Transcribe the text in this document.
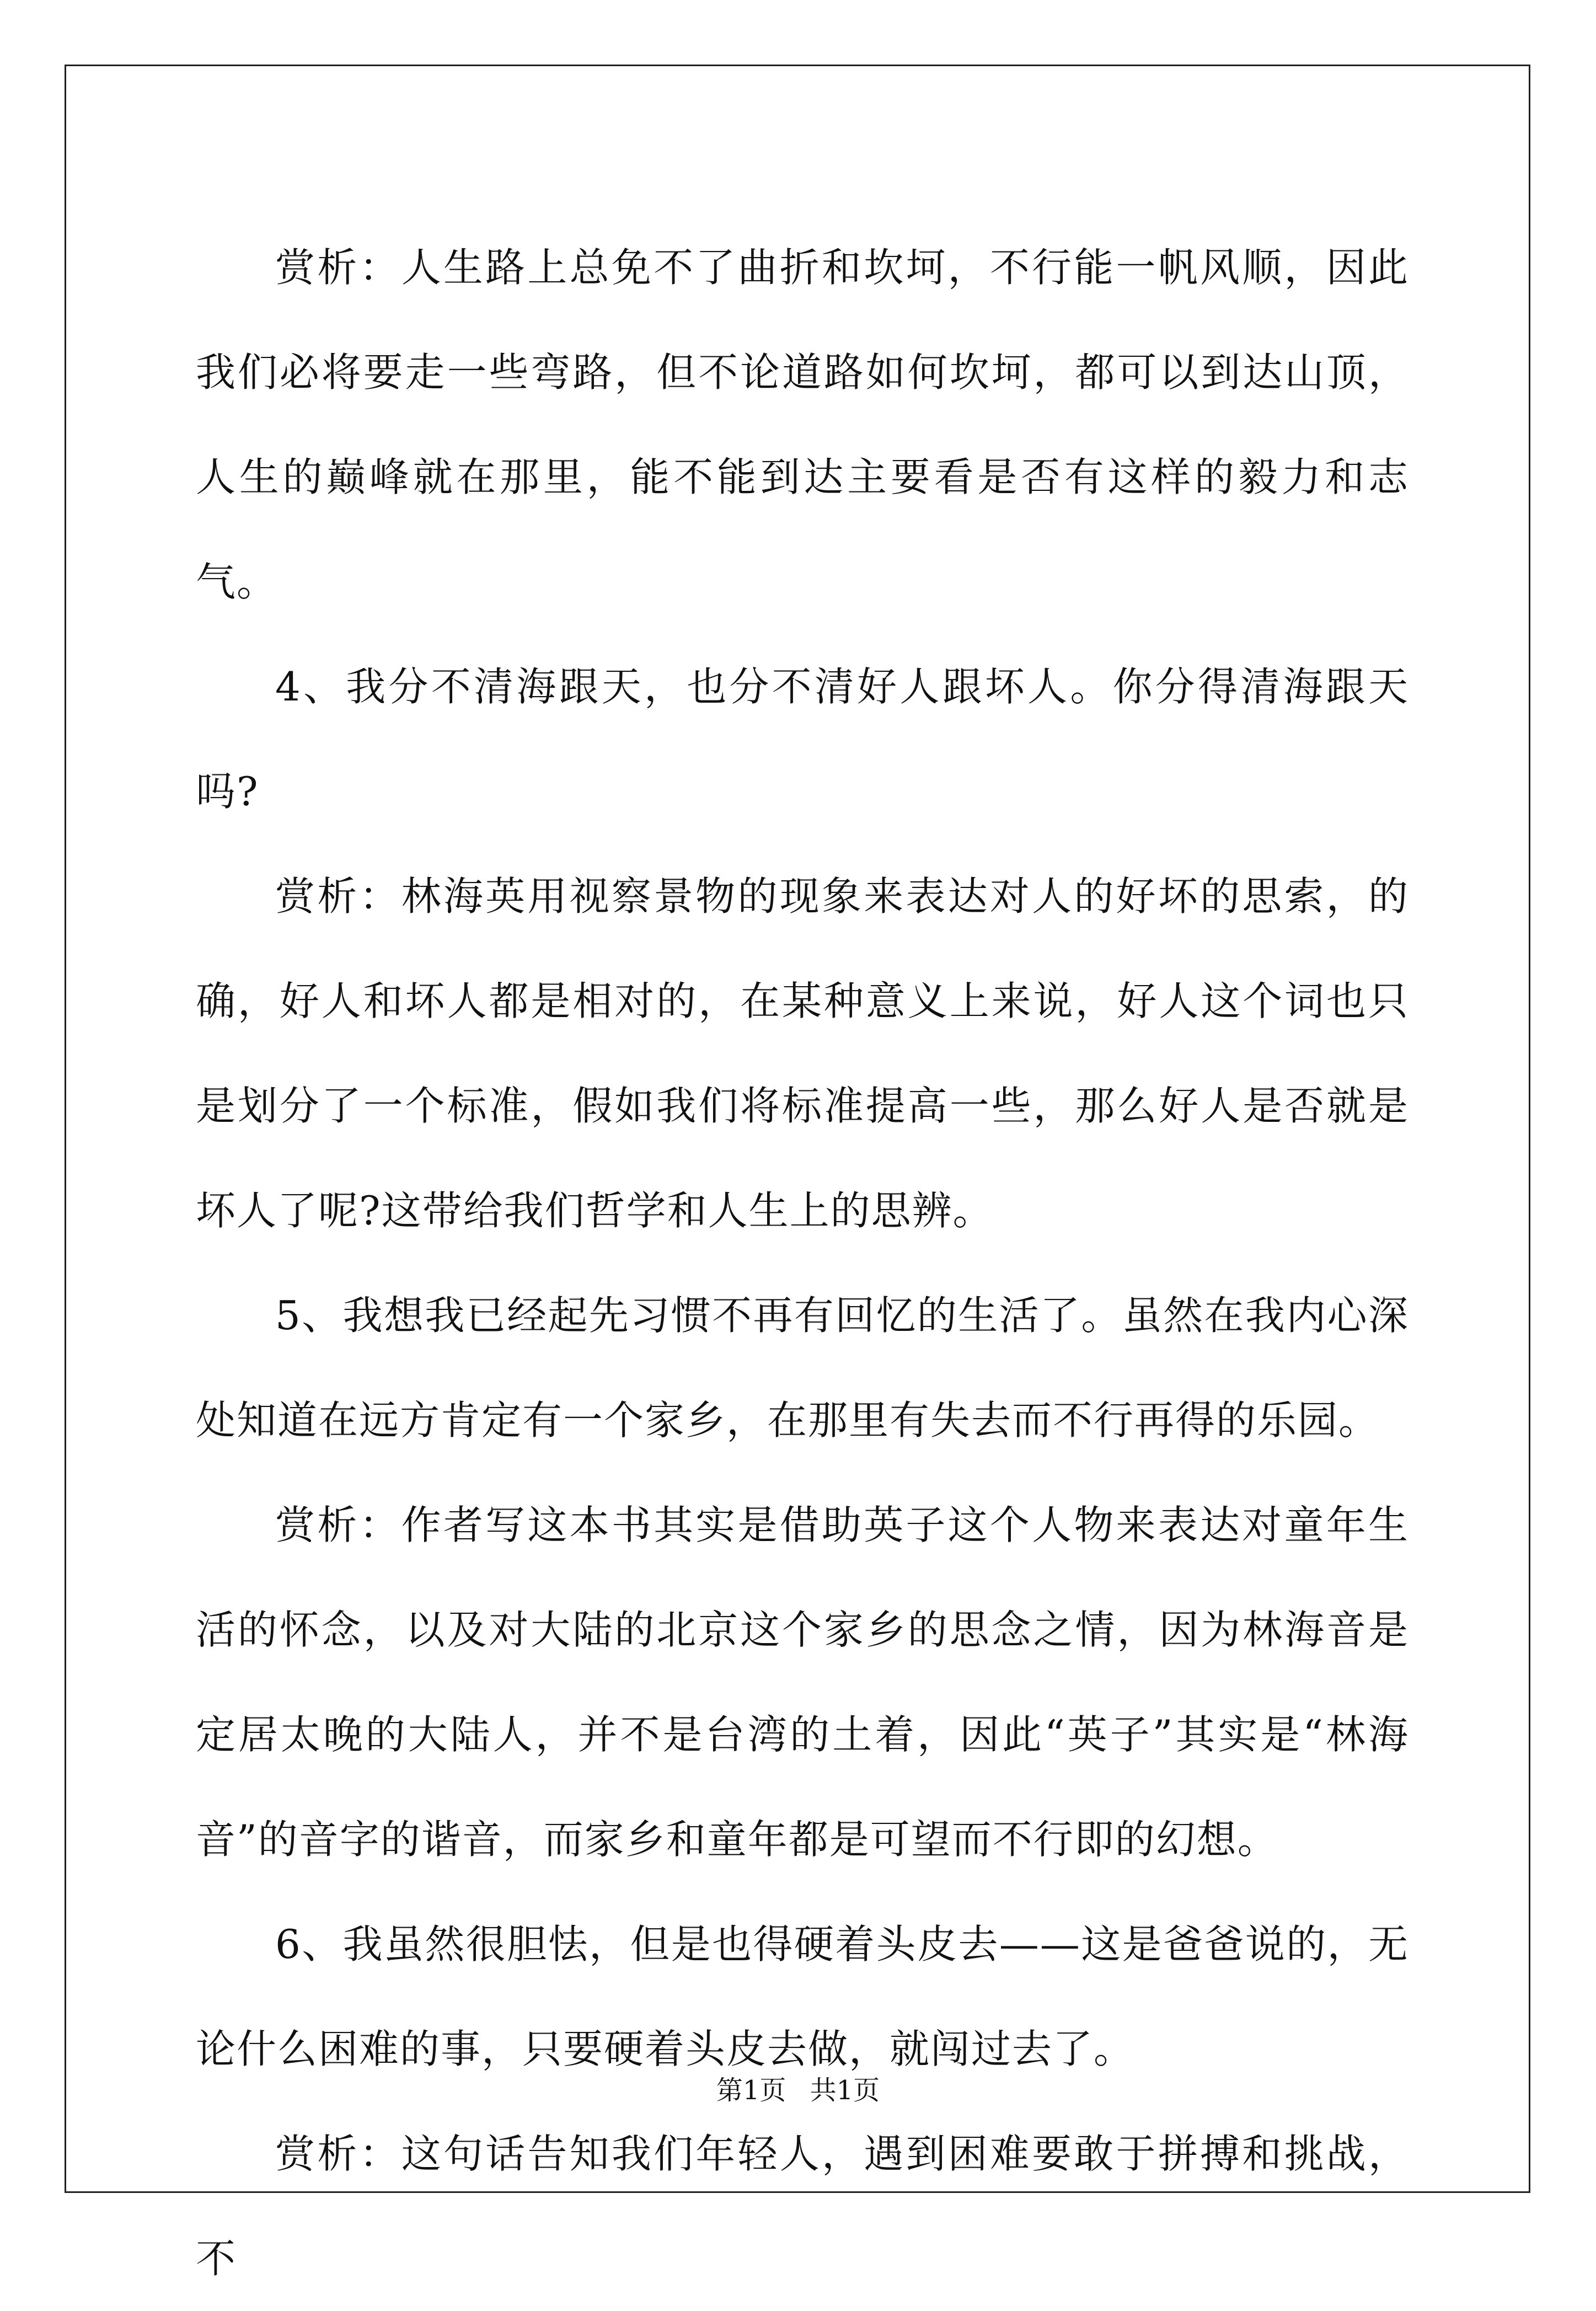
赏析：人生路上总免不了曲折和坎坷，不行能一帆风顺，因此我们必将要走一些弯路，但不论道路如何坎坷，都可以到达山顶，人生的巅峰就在那里，能不能到达主要看是否有这样的毅力和志气。

4、我分不清海跟天，也分不清好人跟坏人。你分得清海跟天吗?

赏析：林海英用视察景物的现象来表达对人的好坏的思索，的确，好人和坏人都是相对的，在某种意义上来说，好人这个词也只是划分了一个标准，假如我们将标准提高一些，那么好人是否就是坏人了呢?这带给我们哲学和人生上的思辨。

5、我想我已经起先习惯不再有回忆的生活了。虽然在我内心深处知道在远方肯定有一个家乡，在那里有失去而不行再得的乐园。

赏析：作者写这本书其实是借助英子这个人物来表达对童年生活的怀念，以及对大陆的北京这个家乡的思念之情，因为林海音是定居太晚的大陆人，并不是台湾的土着，因此“英子”其实是“林海音”的音字的谐音，而家乡和童年都是可望而不行即的幻想。

6、我虽然很胆怯，但是也得硬着头皮去——这是爸爸说的，无论什么困难的事，只要硬着头皮去做，就闯过去了。

赏析：这句话告知我们年轻人，遇到困难要敢于拼搏和挑战，不

第1页 共1页
